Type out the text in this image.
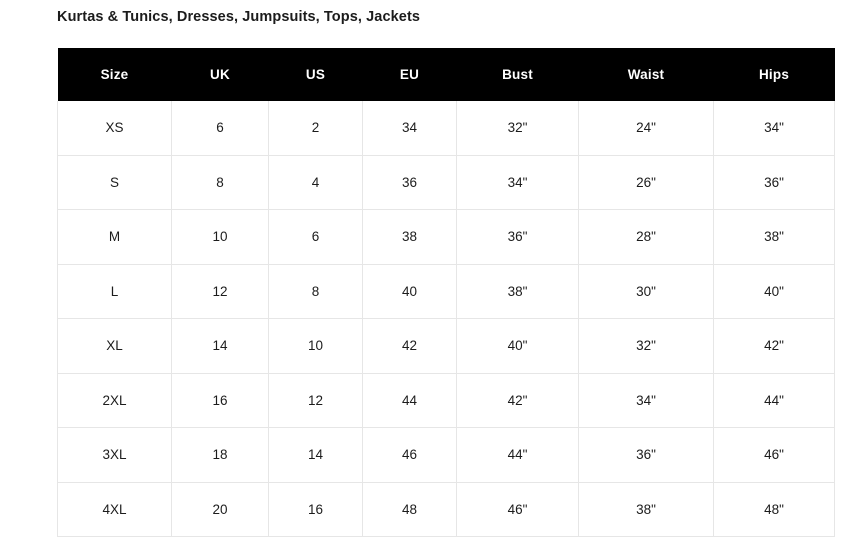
Kurtas & Tunics, Dresses, Jumpsuits, Tops, Jackets
Size	UK	US	EU	Bust	Waist	Hips
XS	6	2	34	32"	24"	34"
S	8	4	36	34"	26"	36"
M	10	6	38	36"	28"	38"
L	12	8	40	38"	30"	40"
XL	14	10	42	40"	32"	42"
2XL	16	12	44	42"	34"	44"
3XL	18	14	46	44"	36"	46"
4XL	20	16	48	46"	38"	48"
